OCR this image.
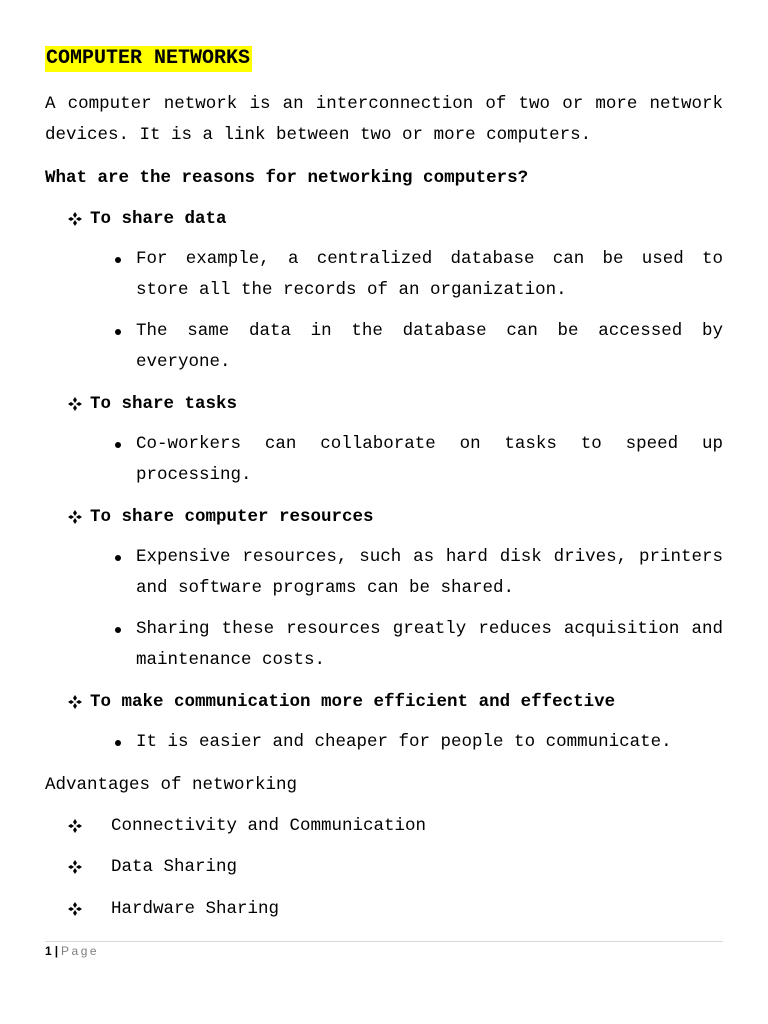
COMPUTER NETWORKS

A computer network is an interconnection of two or more network devices. It is a link between two or more computers.

What are the reasons for networking computers?
To share data
For example, a centralized database can be used to store all the records of an organization.
The same data in the database can be accessed by everyone.
To share tasks
Co-workers can collaborate on tasks to speed up processing.
To share computer resources
Expensive resources, such as hard disk drives, printers and software programs can be shared.
Sharing these resources greatly reduces acquisition and maintenance costs.
To make communication more efficient and effective
It is easier and cheaper for people to communicate.
Advantages of networking
Connectivity and Communication
Data Sharing
Hardware Sharing
1 | Page
